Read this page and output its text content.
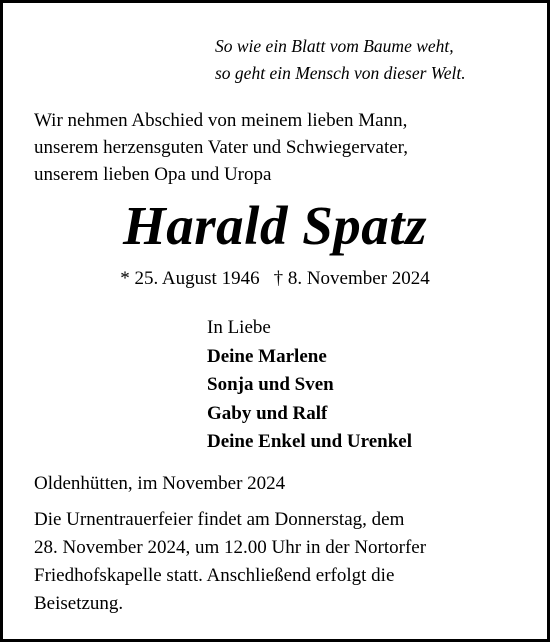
So wie ein Blatt vom Baume weht,
so geht ein Mensch von dieser Welt.
Wir nehmen Abschied von meinem lieben Mann,
unserem herzensguten Vater und Schwiegervater,
unserem lieben Opa und Uropa
Harald Spatz
* 25. August 1946 † 8. November 2024
In Liebe
Deine Marlene
Sonja und Sven
Gaby und Ralf
Deine Enkel und Urenkel
Oldenhütten, im November 2024
Die Urnentrauerfeier findet am Donnerstag, dem
28. November 2024, um 12.00 Uhr in der Nortorfer
Friedhofskapelle statt. Anschließend erfolgt die
Beisetzung.
